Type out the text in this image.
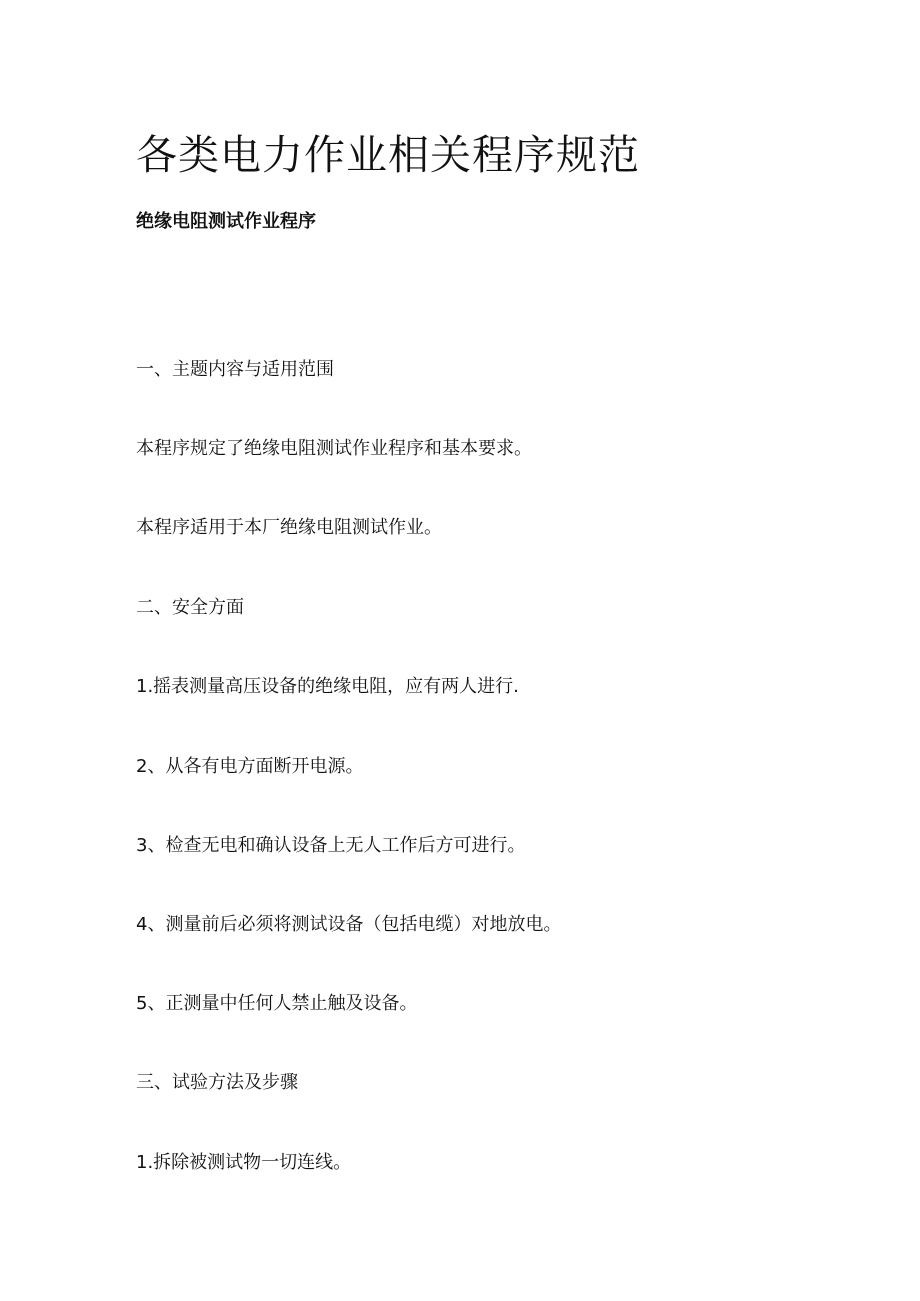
各类电力作业相关程序规范
绝缘电阻测试作业程序

一、主题内容与适用范围

本程序规定了绝缘电阻测试作业程序和基本要求。

本程序适用于本厂绝缘电阻测试作业。

二、安全方面

1.摇表测量高压设备的绝缘电阻，应有两人进行.

2、从各有电方面断开电源。

3、检查无电和确认设备上无人工作后方可进行。

4、测量前后必须将测试设备（包括电缆）对地放电。

5、正测量中任何人禁止触及设备。

三、试验方法及步骤

1.拆除被测试物一切连线。
